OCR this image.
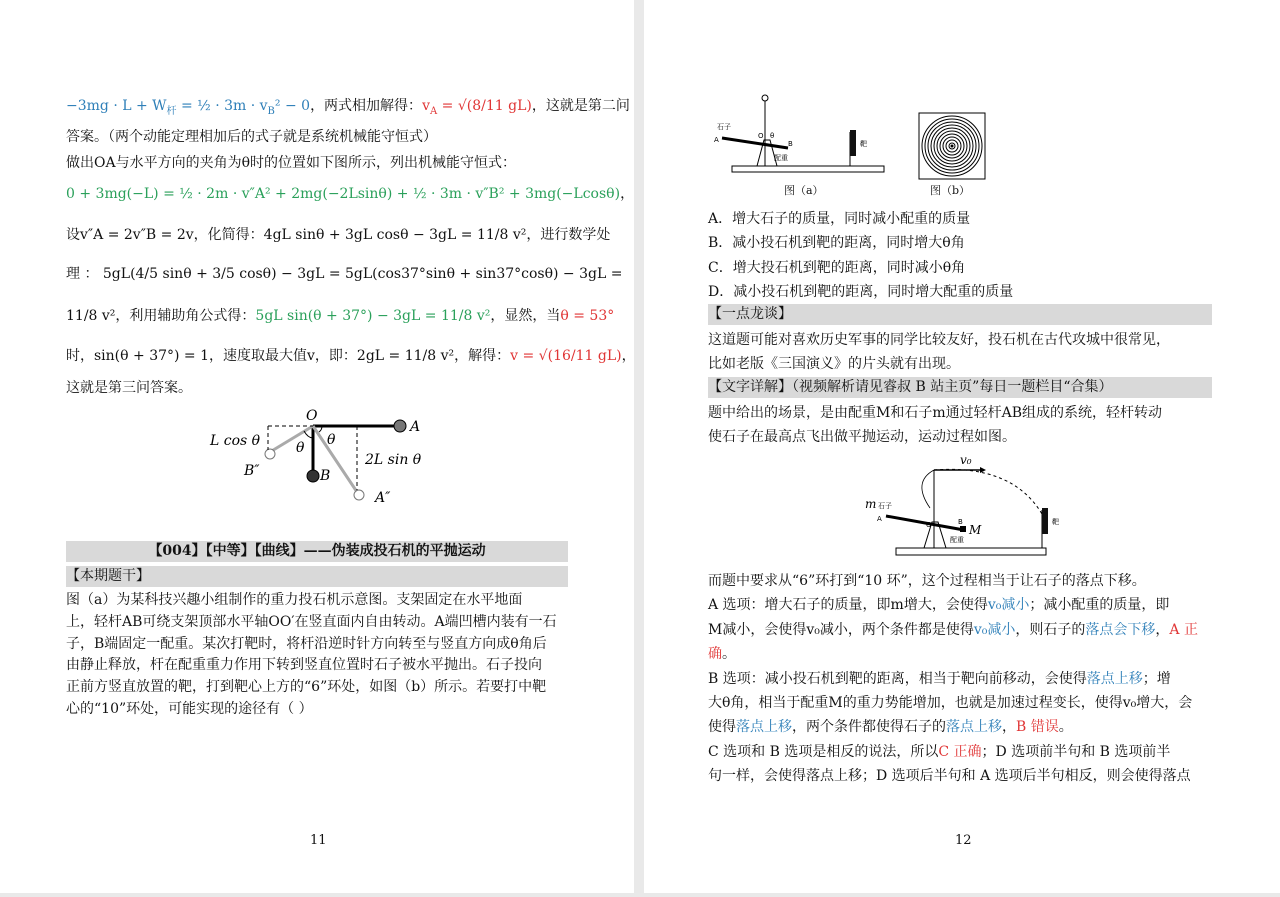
$-3mg \cdot L + W_杆$ = ½ · $3m \cdot v_B^2 - 0$，两式相加解得：$v_A = √(8/11$ gL)，这就是第二问
答案。（两个动能定理相加后的式子就是系统机械能守恒式）
做出OA与水平方向的夹角为θ时的位置如下图所示，列出机械能守恒式：
0 + 3mg(−L) = ½ · 2m · v″A² + 2mg(−2Lsinθ) + ½ · 3m · v″B² + 3mg(−Lcosθ)，
设v″A = 2v″B = 2v，化简得：4gL sinθ + 3gL cosθ − 3gL = 11/8 v²，进行数学处
理 ： 5gL(4/5 sinθ + 3/5 cosθ) − 3gL = 5gL(cos37°sinθ + sin37°cosθ) − 3gL =
11/8 v²，利用辅助角公式得：5gL sin(θ + 37°) − 3gL = 11/8 v²，显然，当θ = 53°
时，sin(θ + 37°) = 1，速度取最大值v，即：2gL = 11/8 v²，解得：v = √(16/11 gL)，
这就是第三问答案。
O
A
B
B″
A″
θ θ
L cos θ
2L sin θ
【004】【中等】【曲线】——伪装成投石机的平抛运动
【本期题干】
图（a）为某科技兴趣小组制作的重力投石机示意图。支架固定在水平地面
上，轻杆AB可绕支架顶部水平轴OO′在竖直面内自由转动。A端凹槽内装有一石
子，B端固定一配重。某次打靶时，将杆沿逆时针方向转至与竖直方向成θ角后
由静止释放，杆在配重重力作用下转到竖直位置时石子被水平抛出。石子投向
正前方竖直放置的靶，打到靶心上方的“6”环处，如图（b）所示。若要打中靶
心的“10”环处，可能实现的途径有（ ）
11
石子
A	B
O θ
配重
靶
图（a）	图（b）
A．增大石子的质量，同时减小配重的质量
B．减小投石机到靶的距离，同时增大θ角
C．增大投石机到靶的距离，同时减小θ角
D．减小投石机到靶的距离，同时增大配重的质量
【一点龙谈】
这道题可能对喜欢历史军事的同学比较友好，投石机在古代攻城中很常见，
比如老版《三国演义》的片头就有出现。
【文字详解】（视频解析请见睿叔 B 站主页”每日一题栏目“合集）
题中给出的场景，是由配重M和石子m通过轻杆AB组成的系统，轻杆转动
使石子在最高点飞出做平抛运动，运动过程如图。
v₀
m 石子
A
O	B
M
配重
靶
而题中要求从“6”环打到“10 环”，这个过程相当于让石子的落点下移。
A 选项：增大石子的质量，即m增大，会使得v₀减小；减小配重的质量，即
M减小，会使得v₀减小，两个条件都是使得v₀减小，则石子的落点会下移，A 正
确。
B 选项：减小投石机到靶的距离，相当于靶向前移动，会使得落点上移；增
大θ角，相当于配重M的重力势能增加，也就是加速过程变长，使得v₀增大，会
使得落点上移，两个条件都使得石子的落点上移，B 错误。
C 选项和 B 选项是相反的说法，所以C 正确；D 选项前半句和 B 选项前半
句一样，会使得落点上移；D 选项后半句和 A 选项后半句相反，则会使得落点
12
